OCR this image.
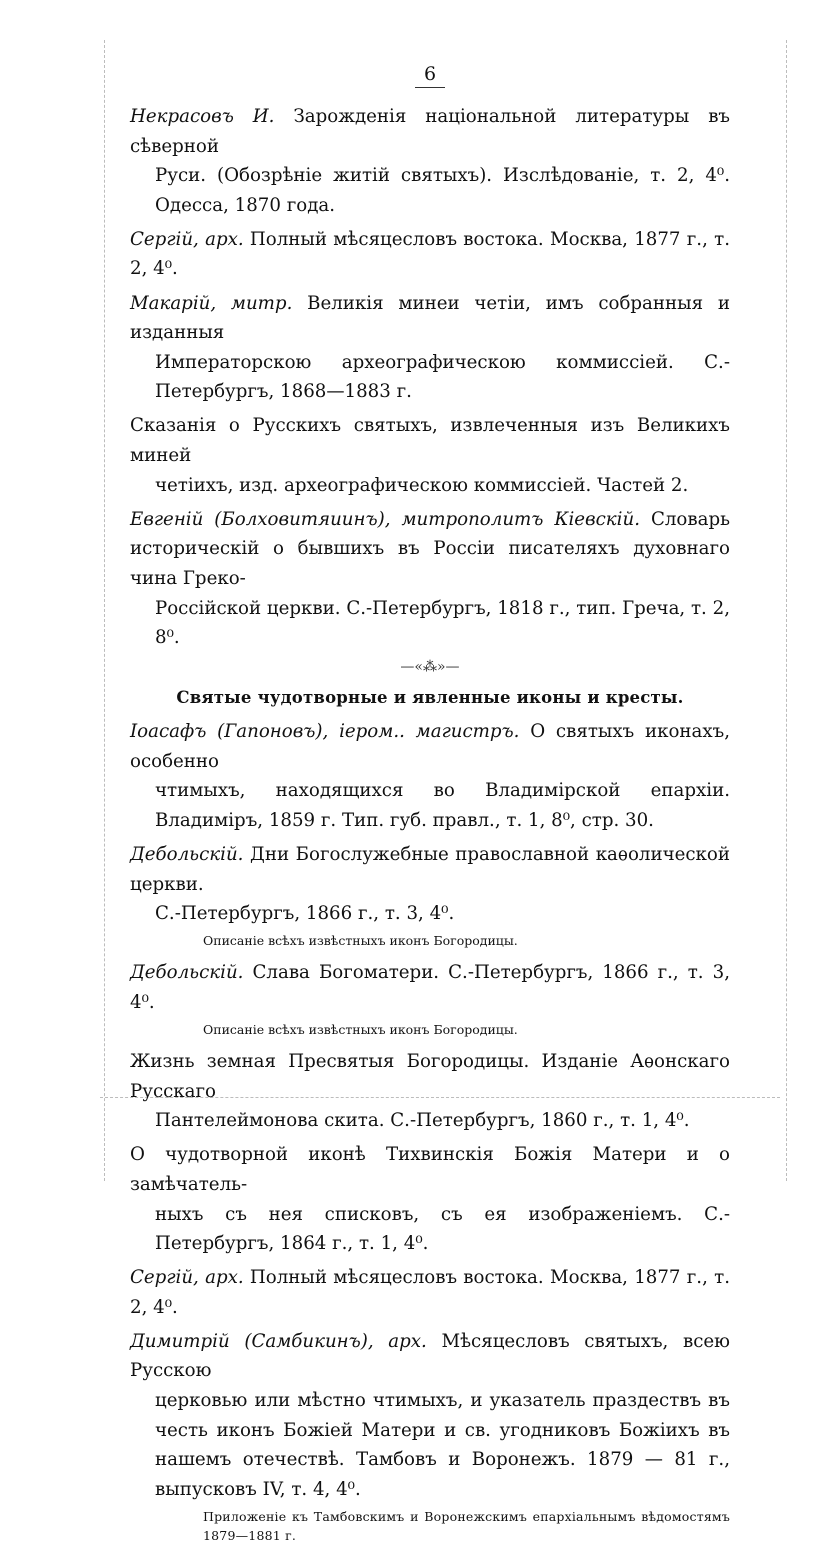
6

Некрасовъ И. Зарожденія національной литературы въ сѣверной
Руси. (Обозрѣніе житій святыхъ). Изслѣдованіе, т. 2, 4⁰. Одесса, 1870 года.

Сергій, арх. Полный мѣсяцесловъ востока. Москва, 1877 г., т. 2, 4⁰.

Макарій, митр. Великія минеи четіи, имъ собранныя и изданныя
Императорскою археографическою коммиссіей. С.-Петербургъ, 1868—1883 г.

Сказанія о Русскихъ святыхъ, извлеченныя изъ Великихъ миней
четіихъ, изд. археографическою коммиссіей. Частей 2.

Евгеній (Болховитяиинъ), митрополитъ Кіевскій. Словарь историческій о бывшихъ въ Россіи писателяхъ духовнаго чина Греко-
Россійской церкви. С.-Петербургъ, 1818 г., тип. Греча, т. 2, 8⁰.

—«⁂»—
Святые чудотворные и явленные иконы и кресты.

Іоасафъ (Гапоновъ), іером.. магистръ. О святыхъ иконахъ, особенно
чтимыхъ, находящихся во Владимірской епархіи. Владиміръ, 1859 г. Тип. губ. правл., т. 1, 8⁰, стр. 30.

Дебольскій. Дни Богослужебные православной каѳолической церкви.
С.-Петербургъ, 1866 г., т. 3, 4⁰.

Описаніе всѣхъ извѣстныхъ иконъ Богородицы.

Дебольскій. Слава Богоматери. С.-Петербургъ, 1866 г., т. 3, 4⁰.

Описаніе всѣхъ извѣстныхъ иконъ Богородицы.

Жизнь земная Пресвятыя Богородицы. Изданіе Аѳонскаго Русскаго
Пантелеймонова скита. С.-Петербургъ, 1860 г., т. 1, 4⁰.

О чудотворной иконѣ Тихвинскія Божія Матери и о замѣчатель-
ныхъ съ нея списковъ, съ ея изображеніемъ. С.-Петербургъ, 1864 г., т. 1, 4⁰.

Сергій, арх. Полный мѣсяцесловъ востока. Москва, 1877 г., т. 2, 4⁰.

Димитрій (Самбикинъ), арх. Мѣсяцесловъ святыхъ, всею Русскою
церковью или мѣстно чтимыхъ, и указатель праздествъ въ честь иконъ Божіей Матери и св. угодниковъ Божіихъ въ нашемъ отечествѣ. Тамбовъ и Воронежъ. 1879 — 81 г., выпусковъ IV, т. 4, 4⁰.

Приложеніе къ Тамбовскимъ и Воронежскимъ епархіальнымъ вѣдомостямъ 1879—1881 г.
